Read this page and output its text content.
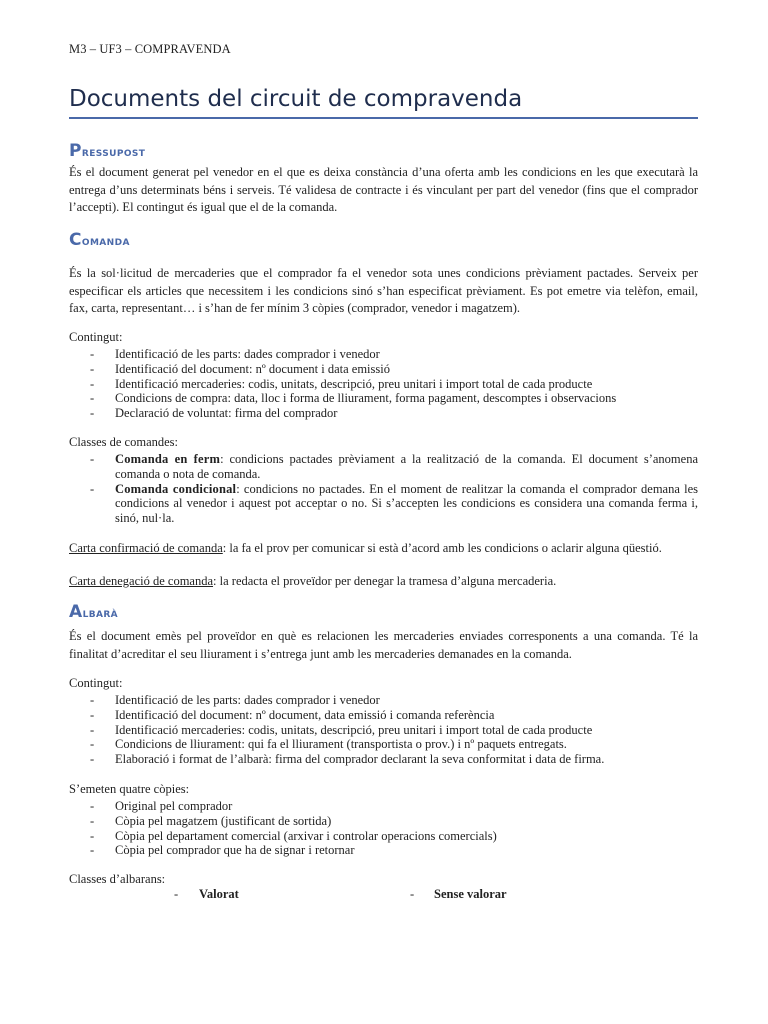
M3 – UF3 – COMPRAVENDA
Documents del circuit de compravenda
Pressupost

És el document generat pel venedor en el que es deixa constància d’una oferta amb les condicions en les que executarà la entrega d’uns determinats béns i serveis. Té validesa de contracte i és vinculant per part del venedor (fins que el comprador l’accepti). El contingut és igual que el de la comanda.

Comanda

És la sol·licitud de mercaderies que el comprador fa el venedor sota unes condicions prèviament pactades. Serveix per especificar els articles que necessitem i les condicions sinó s’han especificat prèviament. Es pot emetre via telèfon, email, fax, carta, representant… i s’han de fer mínim 3 còpies (comprador, venedor i magatzem).

Contingut:
- Identificació de les parts: dades comprador i venedor
- Identificació del document: nº document i data emissió
- Identificació mercaderies: codis, unitats, descripció, preu unitari i import total de cada producte
- Condicions de compra: data, lloc i forma de lliurament, forma pagament, descomptes i observacions
- Declaració de voluntat: firma del comprador
Classes de comandes:
- Comanda en ferm: condicions pactades prèviament a la realització de la comanda. El document s’anomena comanda o nota de comanda.
- Comanda condicional: condicions no pactades. En el moment de realitzar la comanda el comprador demana les condicions al venedor i aquest pot acceptar o no. Si s’accepten les condicions es considera una comanda ferma i, sinó, nul·la.

Carta confirmació de comanda: la fa el prov per comunicar si està d’acord amb les condicions o aclarir alguna qüestió.

Carta denegació de comanda: la redacta el proveïdor per denegar la tramesa d’alguna mercaderia.

Albarà

És el document emès pel proveïdor en què es relacionen les mercaderies enviades corresponents a una comanda. Té la finalitat d’acreditar el seu lliurament i s’entrega junt amb les mercaderies demanades en la comanda.

Contingut:
- Identificació de les parts: dades comprador i venedor
- Identificació del document: nº document, data emissió i comanda referència
- Identificació mercaderies: codis, unitats, descripció, preu unitari i import total de cada producte
- Condicions de lliurament: qui fa el lliurament (transportista o prov.) i nº paquets entregats.
- Elaboració i format de l’albarà: firma del comprador declarant la seva conformitat i data de firma.
S’emeten quatre còpies:
- Original pel comprador
- Còpia pel magatzem (justificant de sortida)
- Còpia pel departament comercial (arxivar i controlar operacions comercials)
- Còpia pel comprador que ha de signar i retornar
Classes d’albarans:
- Valorat	- Sense valorar
